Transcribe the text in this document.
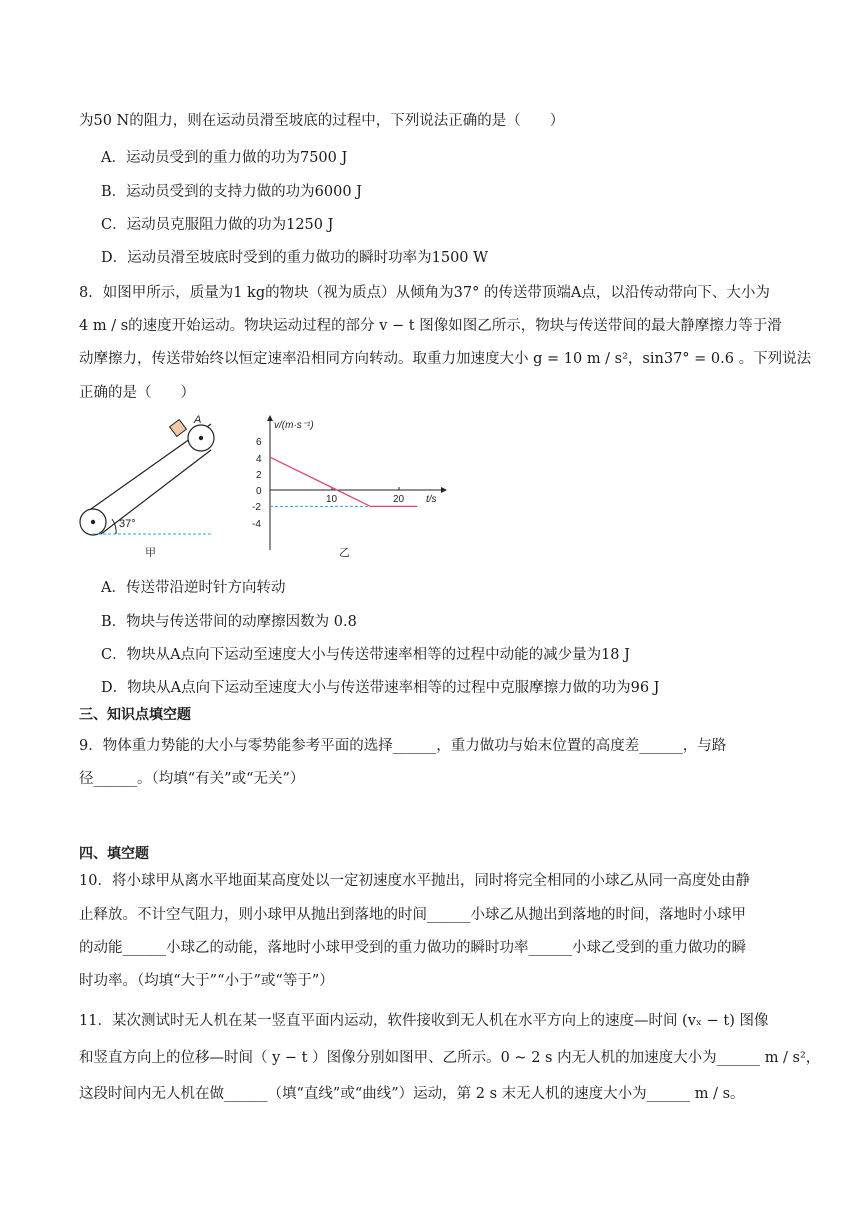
为50 N的阻力，则在运动员滑至坡底的过程中，下列说法正确的是（　　）
A．运动员受到的重力做的功为7500 J
B．运动员受到的支持力做的功为6000 J
C．运动员克服阻力做的功为1250 J
D．运动员滑至坡底时受到的重力做功的瞬时功率为1500 W
8．如图甲所示，质量为1 kg的物块（视为质点）从倾角为37° 的传送带顶端A点，以沿传动带向下、大小为
4 m / s的速度开始运动。物块运动过程的部分 v − t 图像如图乙所示，物块与传送带间的最大静摩擦力等于滑
动摩擦力，传送带始终以恒定速率沿相同方向转动。取重力加速度大小 g = 10 m / s²，sin37° = 0.6 。下列说法
正确的是（　　）
A
37°
甲
v/(m·s⁻¹)
t/s
6
4
2
0
-2
-4
10	20
乙
A．传送带沿逆时针方向转动
B．物块与传送带间的动摩擦因数为 0.8
C．物块从A点向下运动至速度大小与传送带速率相等的过程中动能的减少量为18 J
D．物块从A点向下运动至速度大小与传送带速率相等的过程中克服摩擦力做的功为96 J
三、知识点填空题
9．物体重力势能的大小与零势能参考平面的选择______，重力做功与始末位置的高度差______，与路
径______。（均填“有关”或“无关”）
四、填空题
10．将小球甲从离水平地面某高度处以一定初速度水平抛出，同时将完全相同的小球乙从同一高度处由静
止释放。不计空气阻力，则小球甲从抛出到落地的时间______小球乙从抛出到落地的时间，落地时小球甲
的动能______小球乙的动能，落地时小球甲受到的重力做功的瞬时功率______小球乙受到的重力做功的瞬
时功率。（均填“大于”“小于”或“等于”）
11．某次测试时无人机在某一竖直平面内运动，软件接收到无人机在水平方向上的速度—时间 (vₓ − t) 图像
和竖直方向上的位移—时间（ y − t ）图像分别如图甲、乙所示。0 ~ 2 s 内无人机的加速度大小为______ m / s²，
这段时间内无人机在做______（填“直线”或“曲线”）运动，第 2 s 末无人机的速度大小为______ m / s。
